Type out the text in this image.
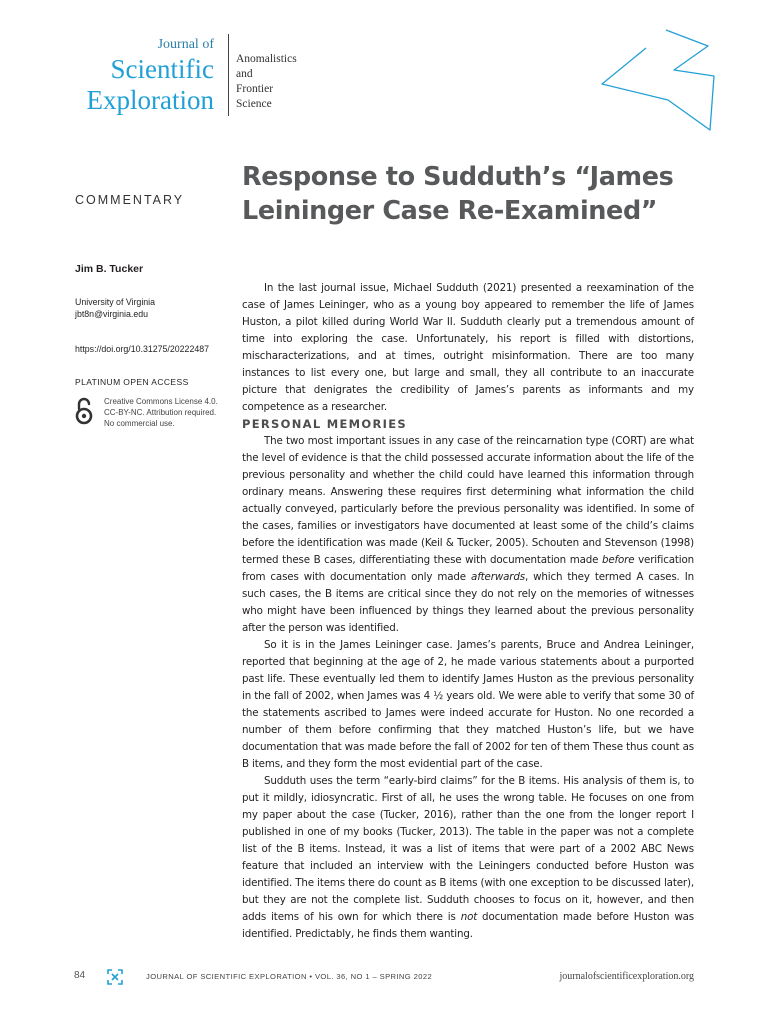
Journal of
Scientific
Exploration
Anomalistics
and
Frontier
Science
COMMENTARY
Response to Sudduth’s “James Leininger Case Re-Examined”
Jim B. Tucker
University of Virginia
jbt8n@virginia.edu
https://doi.org/10.31275/20222487
PLATINUM OPEN ACCESS
Creative Commons License 4.0.
CC-BY-NC. Attribution required.
No commercial use.

In the last journal issue, Michael Sudduth (2021) presented a reexamination of the case of James Leininger, who as a young boy appeared to remember the life of James Huston, a pilot killed during World War II. Sudduth clearly put a tremendous amount of time into exploring the case. Unfortunately, his report is filled with distortions, mischaracterizations, and at times, outright misinformation. There are too many instances to list every one, but large and small, they all contribute to an inaccurate picture that denigrates the credibility of James’s parents as informants and my competence as a researcher.

PERSONAL MEMORIES

The two most important issues in any case of the reincarnation type (CORT) are what the level of evidence is that the child possessed accurate information about the life of the previous personality and whether the child could have learned this information through ordinary means. Answering these requires first determining what information the child actually conveyed, particularly before the previous personality was identified. In some of the cases, families or investigators have documented at least some of the child’s claims before the identification was made (Keil & Tucker, 2005). Schouten and Stevenson (1998) termed these B cases, differentiating these with documentation made before verification from cases with documentation only made afterwards, which they termed A cases. In such cases, the B items are critical since they do not rely on the memories of witnesses who might have been influenced by things they learned about the previous personality after the person was identified.

So it is in the James Leininger case. James’s parents, Bruce and Andrea Leininger, reported that beginning at the age of 2, he made various statements about a purported past life. These eventually led them to identify James Huston as the previous personality in the fall of 2002, when James was 4 ½ years old. We were able to verify that some 30 of the statements ascribed to James were indeed accurate for Huston. No one recorded a number of them before confirming that they matched Huston’s life, but we have documentation that was made before the fall of 2002 for ten of them These thus count as B items, and they form the most evidential part of the case.

Sudduth uses the term “early-bird claims” for the B items. His analysis of them is, to put it mildly, idiosyncratic. First of all, he uses the wrong table. He focuses on one from my paper about the case (Tucker, 2016), rather than the one from the longer report I published in one of my books (Tucker, 2013). The table in the paper was not a complete list of the B items. Instead, it was a list of items that were part of a 2002 ABC News feature that included an interview with the Leiningers conducted before Huston was identified. The items there do count as B items (with one exception to be discussed later), but they are not the complete list. Sudduth chooses to focus on it, however, and then adds items of his own for which there is not documentation made before Huston was identified. Predictably, he finds them wanting.

84	JOURNAL OF SCIENTIFIC EXPLORATION • VOL. 36, NO 1 – SPRING 2022	journalofscientificexploration.org
